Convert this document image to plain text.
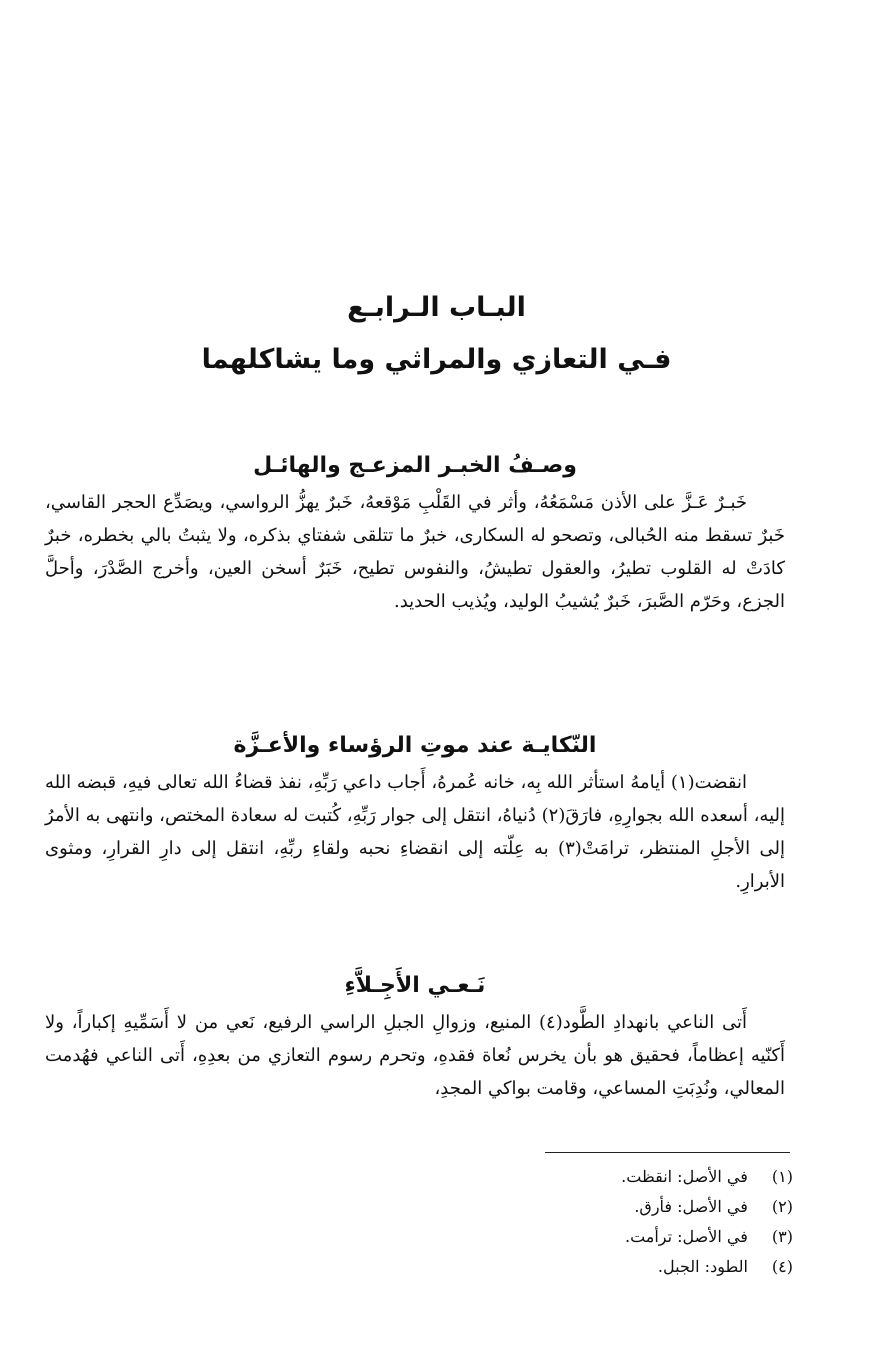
البـاب الـرابـع
فـي التعازي والمراثي وما يشاكلهما
وصـفُ الخبـر المزعـج والهائـل

خَبـرٌ عَـزَّ على الأذن مَسْمَعُهُ، وأثر في القَلْبِ مَوْقعهُ، خَبرٌ يهزُّ الرواسي، ويصَدِّع الحجر القاسي، خَبرٌ تسقط منه الحُبالى، وتصحو له السكارى، خبرٌ ما تتلقى شفتاي بذكره، ولا يثبتُ بالي بخطره، خبرٌ كادَتْ له القلوب تطيرُ، والعقول تطيشُ، والنفوس تطيح، خَبَرٌ أسخن العين، وأخرج الصَّدْرَ، وأحلَّ الجزع، وحَرّم الصَّبرَ، خَبرٌ يُشيبُ الوليد، ويُذيب الحديد.

النّكايـة عند موتِ الرؤساء والأعـزَّة

انقضت(١) أيامهُ استأثر الله بِه، خانه عُمرهُ، أَجاب داعي رَبِّهِ، نفذ قضاءُ الله تعالى فيهِ، قبضه الله إليه، أسعده الله بجوارِهِ، فارَقَ(٢) دُنياهُ، انتقل إلى جوار رَبِّهِ، كُتبت له سعادة المختص، وانتهى به الأمرُ إلى الأجلِ المنتظر، ترامَتْ(٣) به عِلّته إلى انقضاءِ نحبه ولقاءِ ربِّهِ، انتقل إلى دارِ القرارِ، ومثوى الأبرارِ.

نَـعـي الأَجِـلاَّءِ

أَتى الناعي بانهدادِ الطَّود(٤) المنيع، وزوالِ الجبلِ الراسي الرفيع، نَعي من لا أَسَمِّيهِ إكباراً، ولا أَكنّيه إعظاماً، فحقيق هو بأن يخرس نُعاة فقدهِ، وتحرم رسوم التعازي من بعدِهِ، أَتى الناعي فهُدمت المعالي، ونُدِبَتِ المساعي، وقامت بواكي المجدِ،

(١) في الأصل: انقظت.
(٢) في الأصل: فأرق.
(٣) في الأصل: ترأمت.
(٤) الطود: الجبل.
